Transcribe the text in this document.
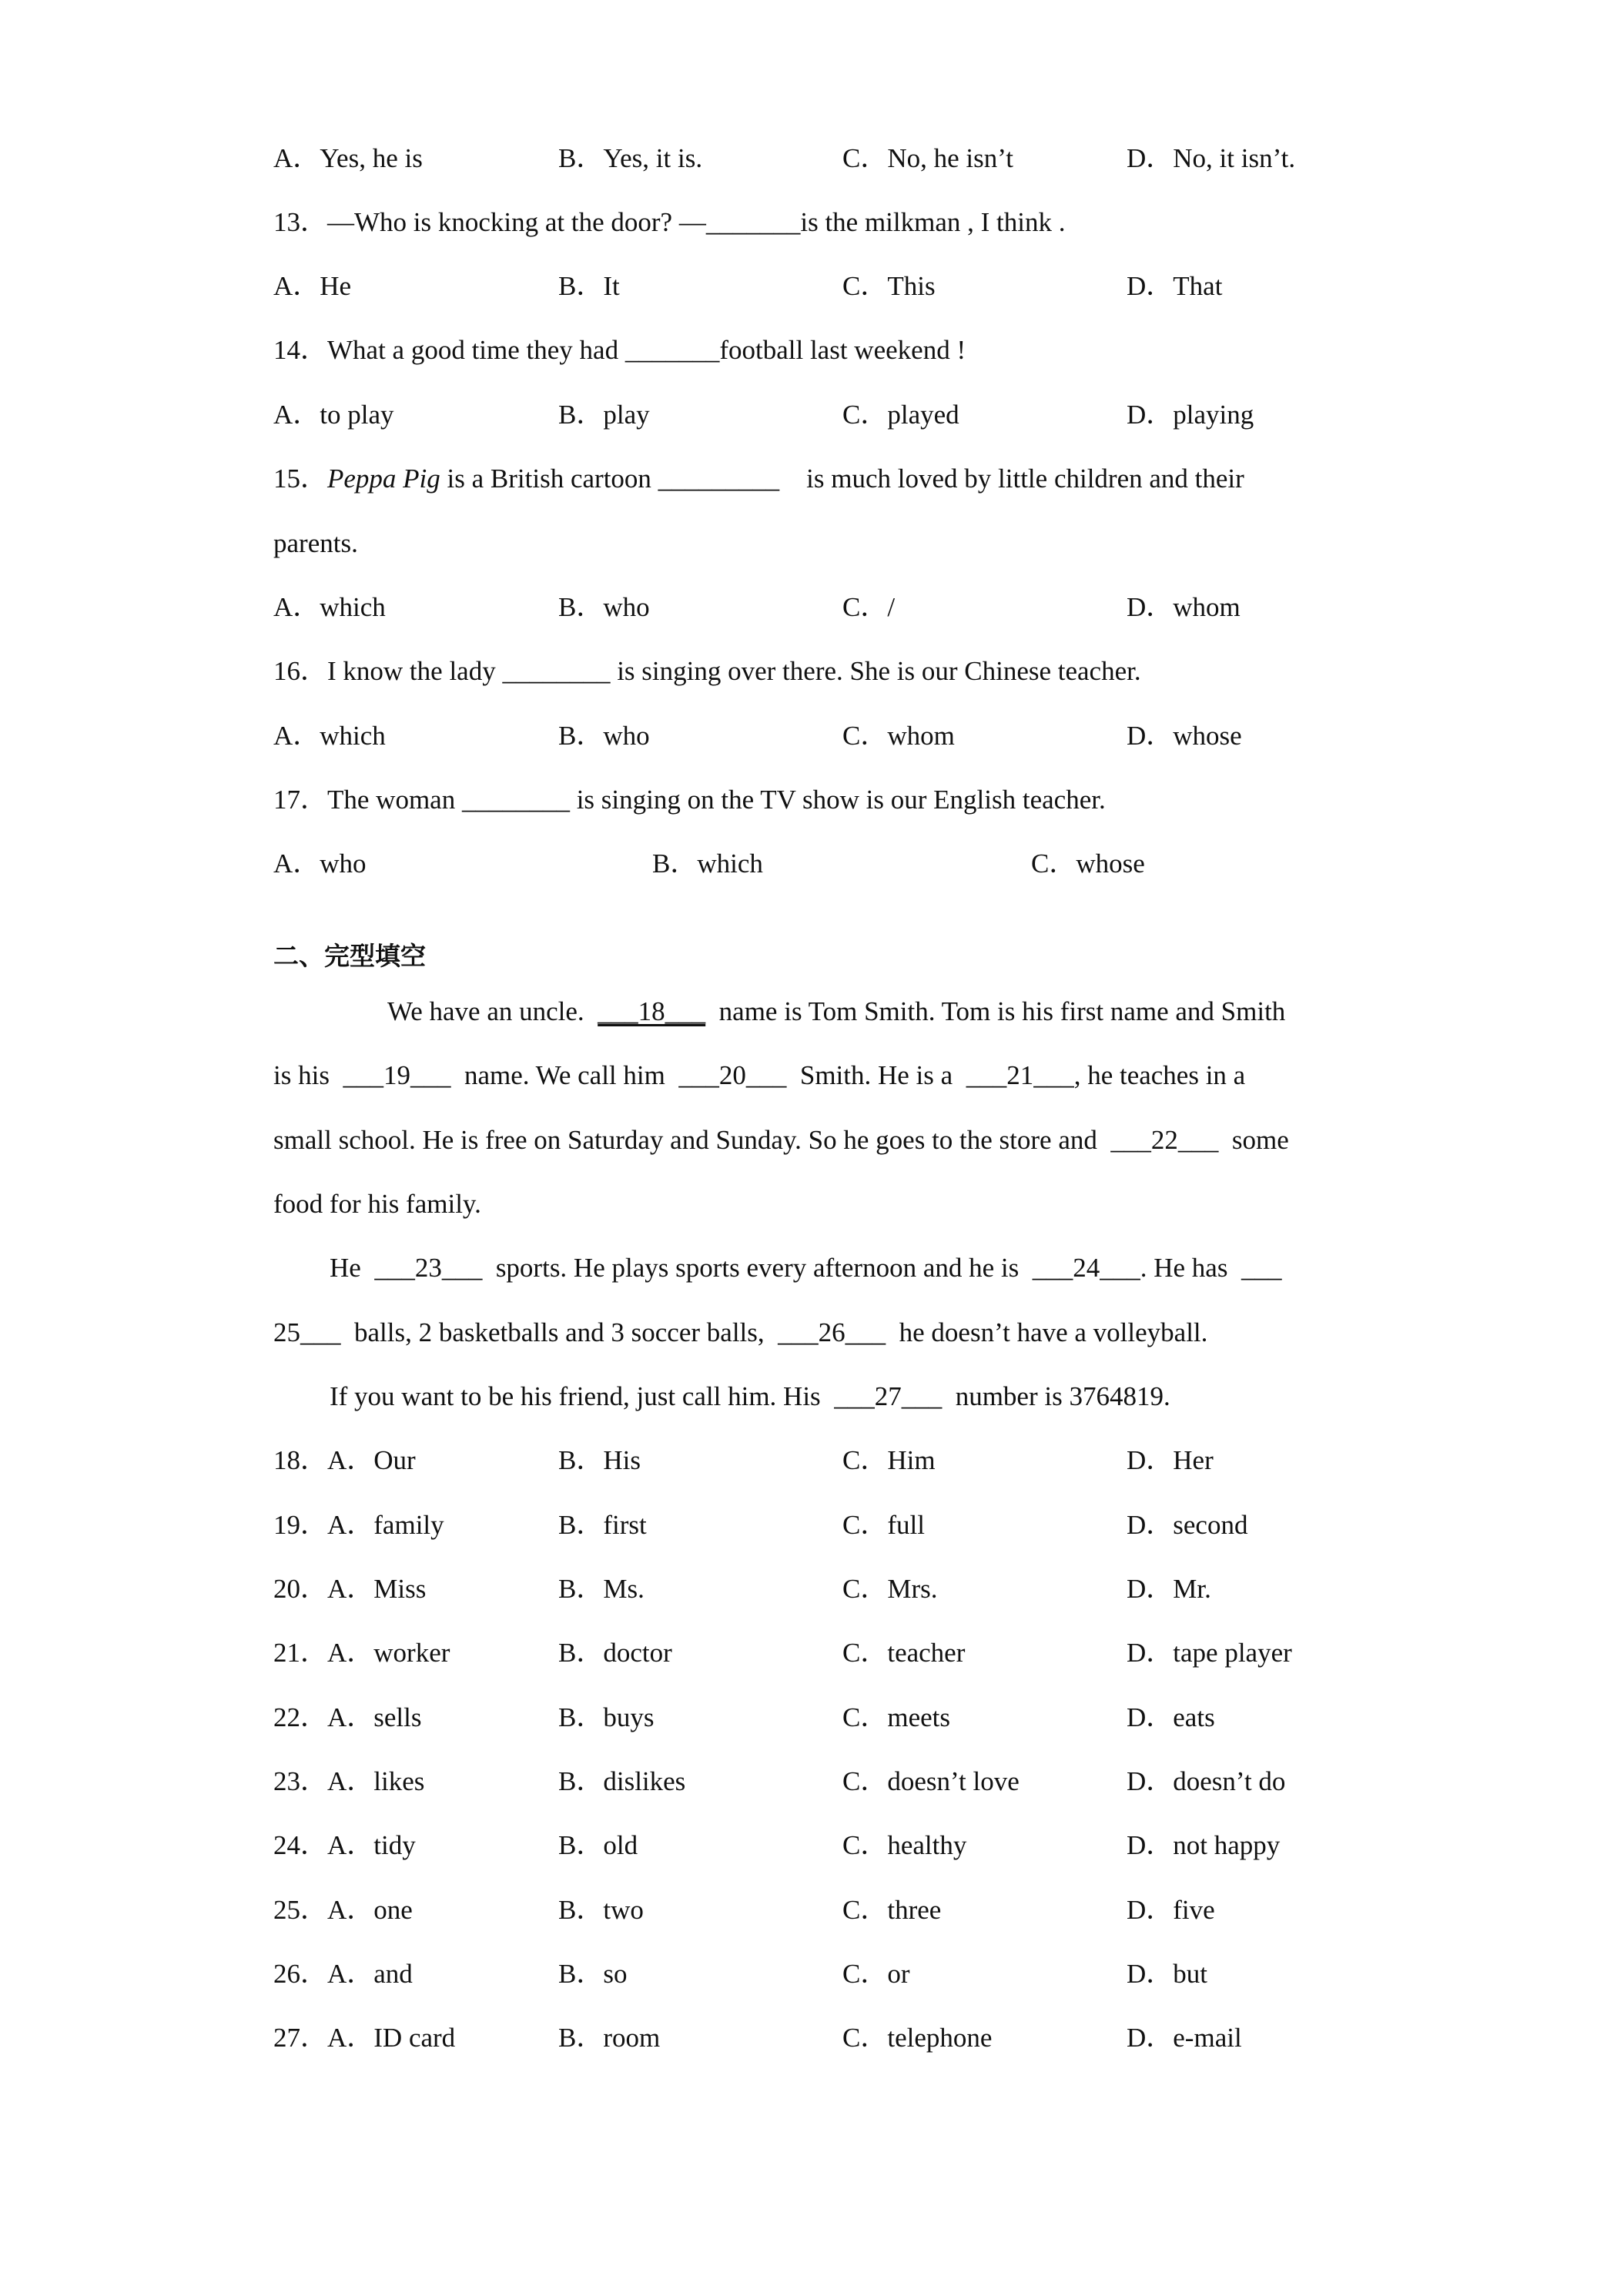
A．Yes, he is	B．Yes, it is.	C．No, he isn’t	D．No, it isn’t.
13．—Who is knocking at the door? —_______is the milkman , I think .
A．He	B．It	C．This	D．That
14．What a good time they had _______football last weekend !
A．to play	B．play	C．played	D．playing
15．Peppa Pig is a British cartoon _________    is much loved by little children and their
parents.
A．which	B．who	C．/	D．whom
16．I know the lady ________ is singing over there. She is our Chinese teacher.
A．which	B．who	C．whom	D．whose
17．The woman ________ is singing on the TV show is our English teacher.
A．who	B．which	C．whose
二、完型填空
We have an uncle.  ___18___  name is Tom Smith. Tom is his first name and Smith
is his  ___19___  name. We call him  ___20___  Smith. He is a  ___21___, he teaches in a
small school. He is free on Saturday and Sunday. So he goes to the store and  ___22___  some
food for his family.
He  ___23___  sports. He plays sports every afternoon and he is  ___24___. He has  ___
25___  balls, 2 basketballs and 3 soccer balls,  ___26___  he doesn’t have a volleyball.
If you want to be his friend, just call him. His  ___27___  number is 3764819.
18．A．Our	B．His	C．Him	D．Her
19．A．family	B．first	C．full	D．second
20．A．Miss	B．Ms.	C．Mrs.	D．Mr.
21．A．worker	B．doctor	C．teacher	D．tape player
22．A．sells	B．buys	C．meets	D．eats
23．A．likes	B．dislikes	C．doesn’t love	D．doesn’t do
24．A．tidy	B．old	C．healthy	D．not happy
25．A．one	B．two	C．three	D．five
26．A．and	B．so	C．or	D．but
27．A．ID card	B．room	C．telephone	D．e-mail
